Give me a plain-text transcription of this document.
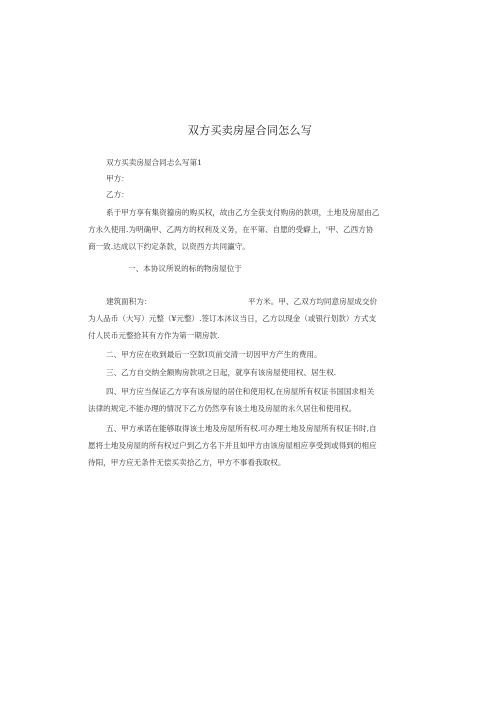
双方买卖房屋合同怎么写
双方买卖房屋合同忐么写第1
甲方：
乙方：
系于甲方享有集资籀房的购买权，故由乙方全获支付购房的款项，土地及房屋由乙
方永久使用.为明确甲、乙两方的权利及义务，在平第、自愿的受癖上，'甲、乙西方协
商一致.达成以下约定条款，以资西方共同瀛守。
一、本协议所说的标的物房屋位于
建筑面积为：	平方米。甲、乙双方均同意房屋成交价
为人品币（大写）元整（¥元整）.签订本沐议当日，乙方以现金（或银行划款）方式支
付人民币元整拾其有方作为第一期房款.
二、甲方应在收到最后一空款I页前交清一切因甲方产生的费用。
三、乙方自交纳全额购房款项之日起，就享有该房屋使用权、居生权.
四、甲方应当保证乙方享有该房屋的居住和使用权,在房屋所有权证书国国求相关
法律的规定,不能办理的情况下乙方仍然享有该土地及房屋的永久居住和使用权。
五、甲方承诺在能够取得该土地及房屋所有权.可办理土地及房屋所有权证书时,自
愿将土地及房屋的所有权过户到乙方名下并且如甲方由该房屋相应享受到或得到的相应
待阳，甲方应无条件无偿买卖拾乙方，甲方不事看我取权。
